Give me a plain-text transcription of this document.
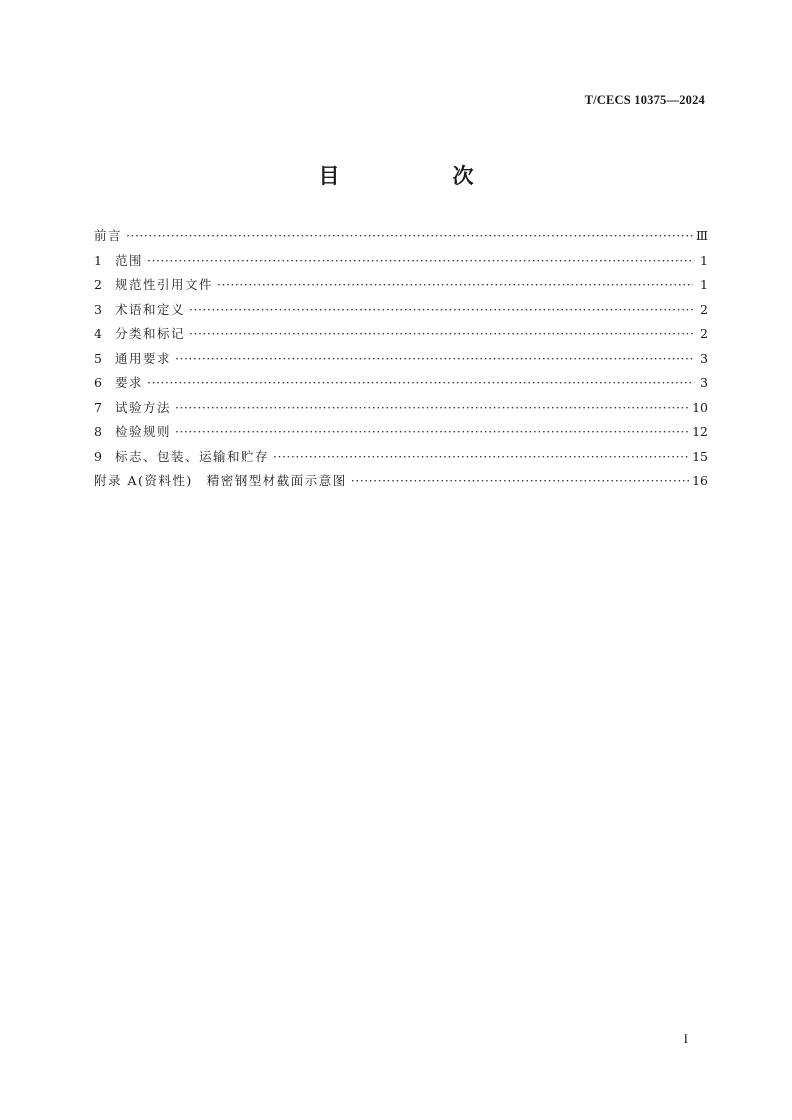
T/CECS 10375—2024
目　次
前言 ·····	Ⅲ
1	范围 ·····	1
2	规范性引用文件 ·····	1
3	术语和定义 ·····	2
4	分类和标记 ·····	2
5	通用要求 ·····	3
6	要求 ·····	3
7	试验方法 ·····	10
8	检验规则 ·····	12
9	标志、包装、运输和贮存 ·····	15
附录 A(资料性)　精密钢型材截面示意图 ·····	16
I
